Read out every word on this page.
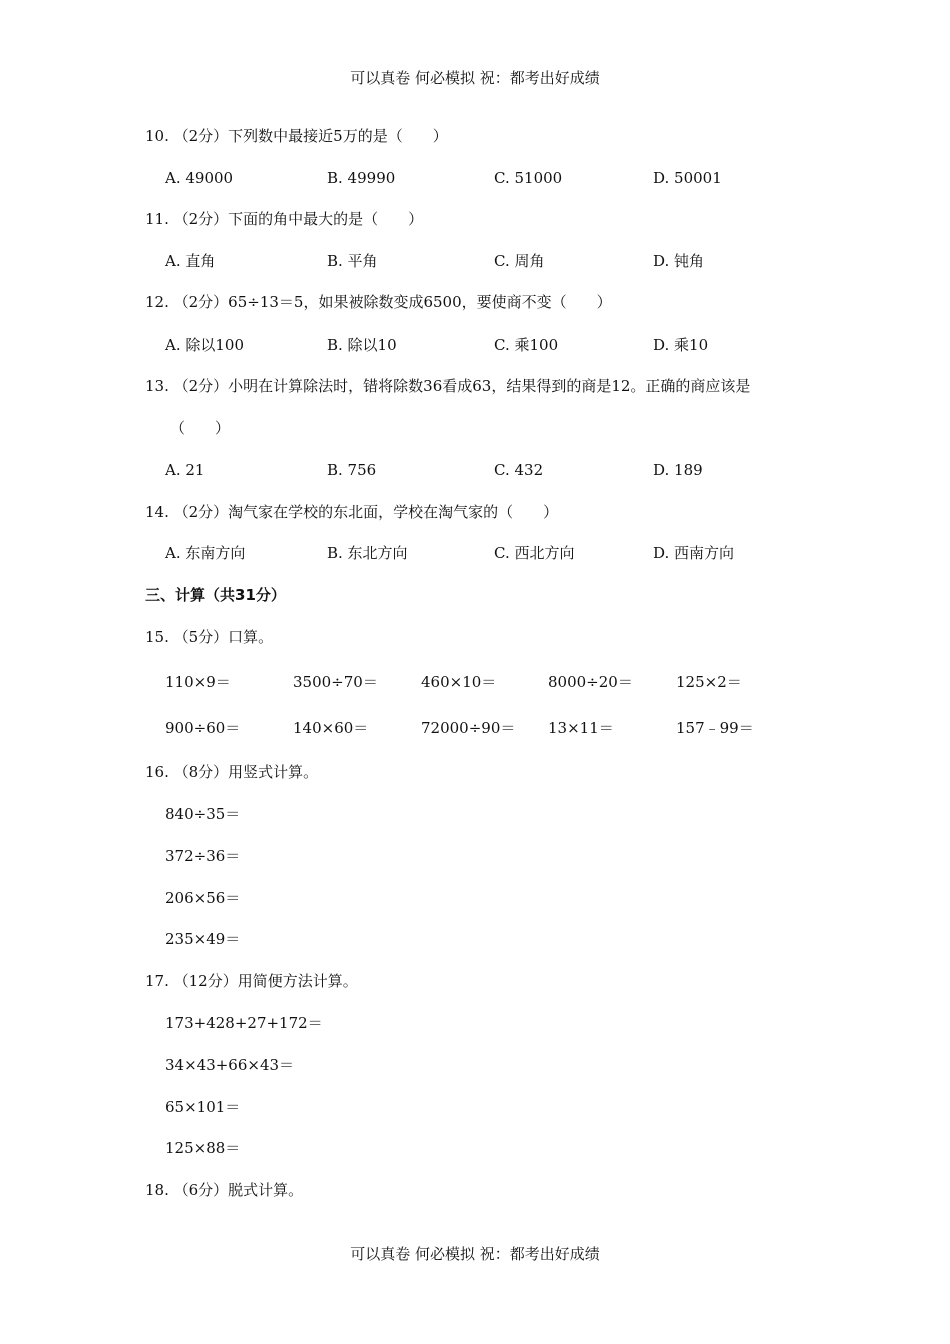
可以真卷 何必模拟 祝：都考出好成绩
10. （2分）下列数中最接近5万的是（　　）
A. 49000	B. 49990	C. 51000	D. 50001
11. （2分）下面的角中最大的是（　　）
A. 直角	B. 平角	C. 周角	D. 钝角
12. （2分）65÷13＝5，如果被除数变成6500，要使商不变（　　）
A. 除以100	B. 除以10	C. 乘100	D. 乘10
13. （2分）小明在计算除法时，错将除数36看成63，结果得到的商是12。正确的商应该是
（　　）
A. 21	B. 756	C. 432	D. 189
14. （2分）淘气家在学校的东北面，学校在淘气家的（　　）
A. 东南方向	B. 东北方向	C. 西北方向	D. 西南方向
三、计算（共31分）
15. （5分）口算。
110×9＝	3500÷70＝	460×10＝	8000÷20＝	125×2＝
900÷60＝	140×60＝	72000÷90＝ 13×11＝	157﹣99＝
16. （8分）用竖式计算。
840÷35＝
372÷36＝
206×56＝
235×49＝
17. （12分）用简便方法计算。
173+428+27+172＝
34×43+66×43＝
65×101＝
125×88＝
18. （6分）脱式计算。
可以真卷 何必模拟 祝：都考出好成绩
